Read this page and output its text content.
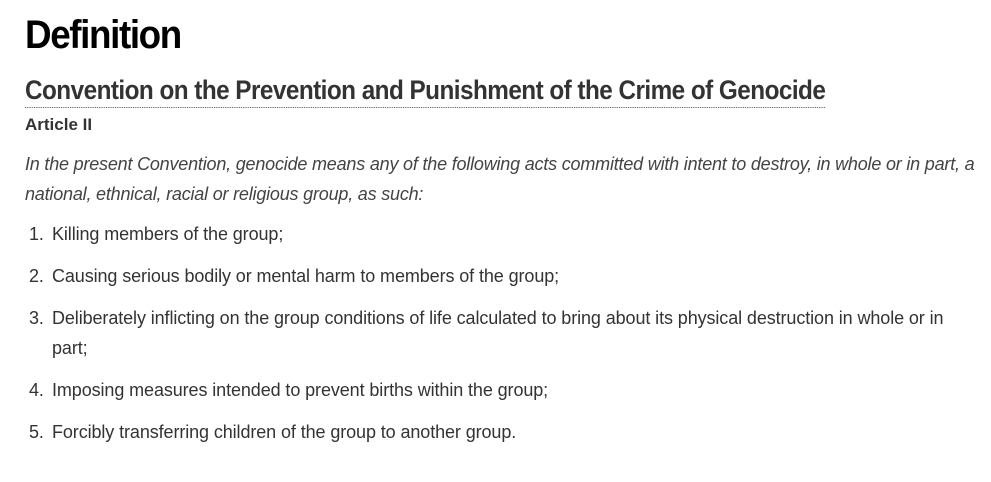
Definition
Convention on the Prevention and Punishment of the Crime of Genocide
Article II

In the present Convention, genocide means any of the following acts committed with intent to destroy, in whole or in part, a national, ethnical, racial or religious group, as such:

1. Killing members of the group;
2. Causing serious bodily or mental harm to members of the group;
3. Deliberately inflicting on the group conditions of life calculated to bring about its physical destruction in whole or in part;
4. Imposing measures intended to prevent births within the group;
5. Forcibly transferring children of the group to another group.
